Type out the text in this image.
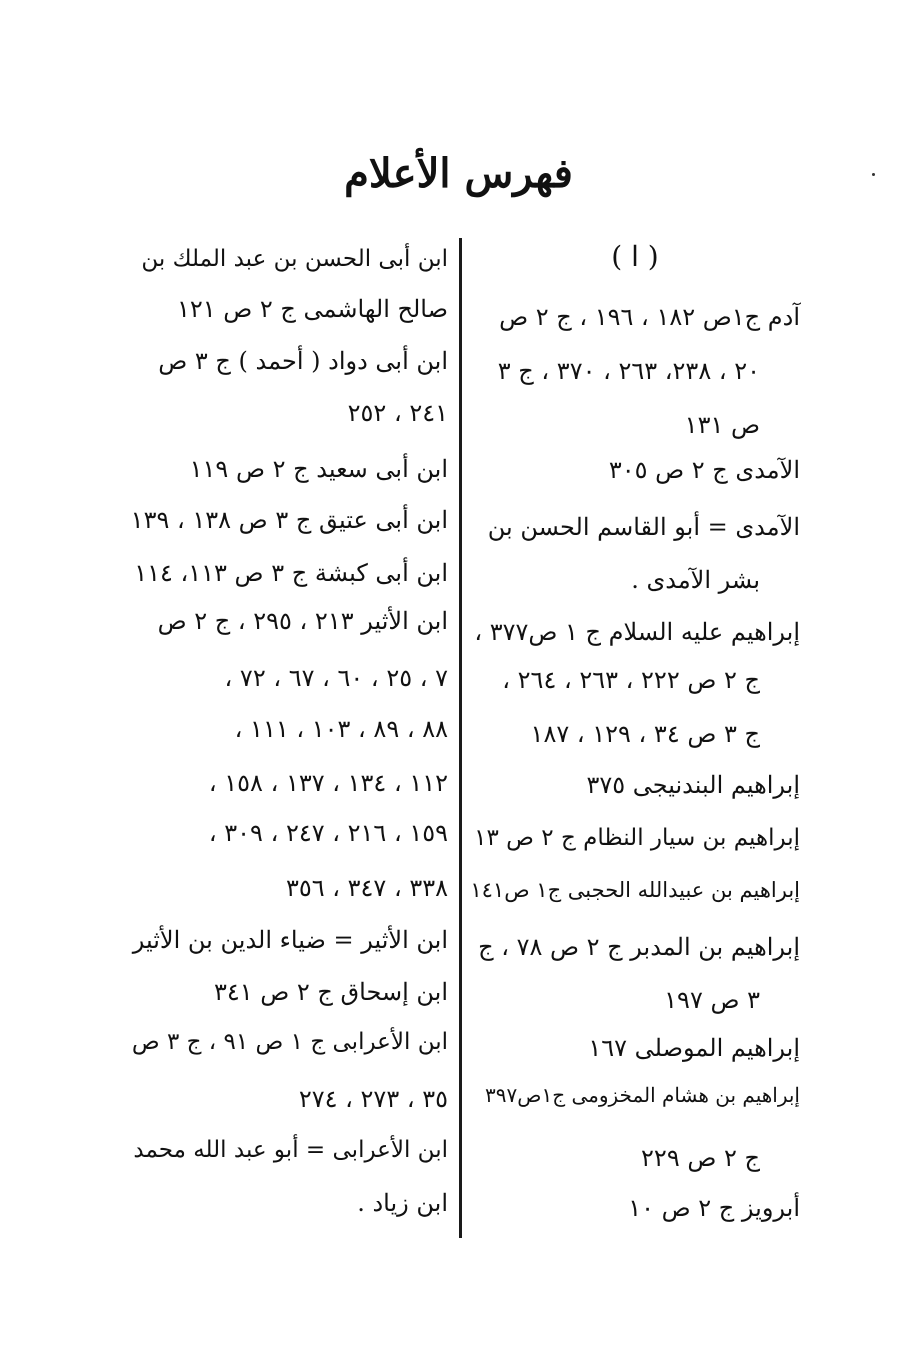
فهرس الأعلام
( ا )
آدم ج١ص ١٨٢ ، ١٩٦ ، ج ٢ ص
٢٠ ، ٢٣٨، ٢٦٣ ، ٣٧٠ ، ج ٣
ص ١٣١
الآمدى ج ٢ ص ٣٠٥
الآمدى = أبو القاسم الحسن بن
بشر الآمدى .
إبراهيم عليه السلام ج ١ ص٣٧٧ ،
ج ٢ ص ٢٢٢ ، ٢٦٣ ، ٢٦٤ ،
ج ٣ ص ٣٤ ، ١٢٩ ، ١٨٧
إبراهيم البندنيجى ٣٧٥
إبراهيم بن سيار النظام ج ٢ ص ١٣
إبراهيم بن عبيدالله الحجبى ج١ ص١٤١
إبراهيم بن المدبر ج ٢ ص ٧٨ ، ج
٣ ص ١٩٧
إبراهيم الموصلى ١٦٧
إبراهيم بن هشام المخزومى ج١ص٣٩٧
ج ٢ ص ٢٢٩
أبرويز ج ٢ ص ١٠
ابن أبى الحسن بن عبد الملك بن
صالح الهاشمى ج ٢ ص ١٢١
ابن أبى دواد ( أحمد ) ج ٣ ص
٢٤١ ، ٢٥٢
ابن أبى سعيد ج ٢ ص ١١٩
ابن أبى عتيق ج ٣ ص ١٣٨ ، ١٣٩
ابن أبى كبشة ج ٣ ص ١١٣، ١١٤
ابن الأثير ٢١٣ ، ٢٩٥ ، ج ٢ ص
٧ ، ٢٥ ، ٦٠ ، ٦٧ ، ٧٢ ،
٨٨ ، ٨٩ ، ١٠٣ ، ١١١ ،
١١٢ ، ١٣٤ ، ١٣٧ ، ١٥٨ ،
١٥٩ ، ٢١٦ ، ٢٤٧ ، ٣٠٩ ،
٣٣٨ ، ٣٤٧ ، ٣٥٦
ابن الأثير = ضياء الدين بن الأثير
ابن إسحاق ج ٢ ص ٣٤١
ابن الأعرابى ج ١ ص ٩١ ، ج ٣ ص
٣٥ ، ٢٧٣ ، ٢٧٤
ابن الأعرابى = أبو عبد الله محمد
ابن زياد .
